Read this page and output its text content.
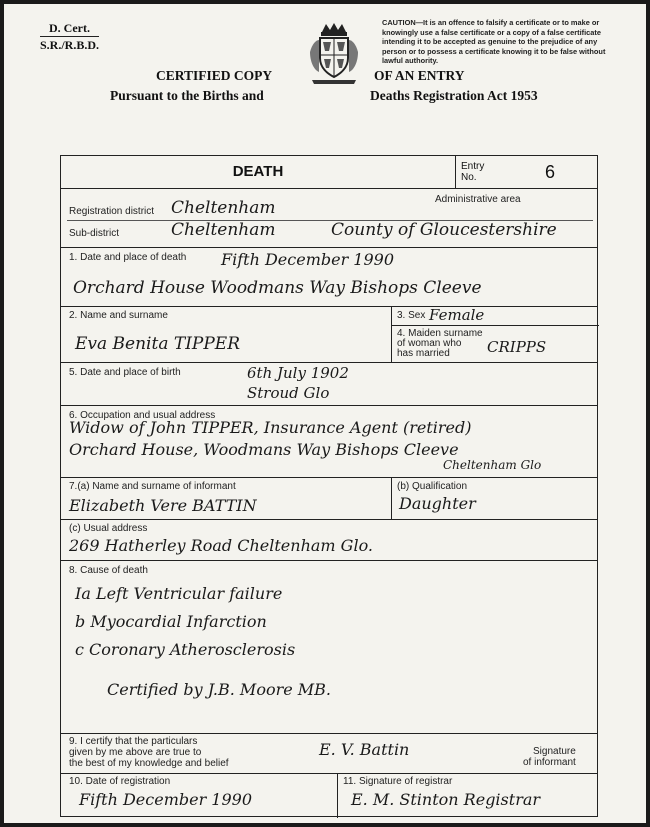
D. Cert.
S.R./R.B.D.
CAUTION—It is an offence to falsify a certificate or to make or knowingly use a false certificate or a copy of a false certificate intending it to be accepted as genuine to the prejudice of any person or to possess a certificate knowing it to be false without lawful authority.
CERTIFIED COPY
Pursuant to the Births and
OF AN ENTRY
Deaths Registration Act 1953
DEATH	Entry
No.	6
Registration district Cheltenham	Administrative area
Sub-district	Cheltenham	County of Gloucestershire
1. Date and place of death Fifth December 1990
Orchard House Woodmans Way Bishops Cleeve
2. Name and surname
Eva Benita TIPPER
3. Sex Female
4. Maiden surname
of woman who
has married	CRIPPS
5. Date and place of birth	6th July 1902
Stroud Glo
6. Occupation and usual address
Widow of John TIPPER, Insurance Agent (retired)
Orchard House, Woodmans Way Bishops Cleeve
Cheltenham Glo
7.(a) Name and surname of informant
Elizabeth Vere BATTIN
(b) Qualification
Daughter
(c) Usual address
269 Hatherley Road Cheltenham Glo.
8. Cause of death
Ia Left Ventricular failure
b Myocardial Infarction
c Coronary Atherosclerosis
Certified by J.B. Moore MB.
9. I certify that the particulars
given by me above are true to
the best of my knowledge and belief
E. V. Battin	Signature
of informant
10. Date of registration
Fifth December 1990
11. Signature of registrar
E. M. Stinton Registrar
